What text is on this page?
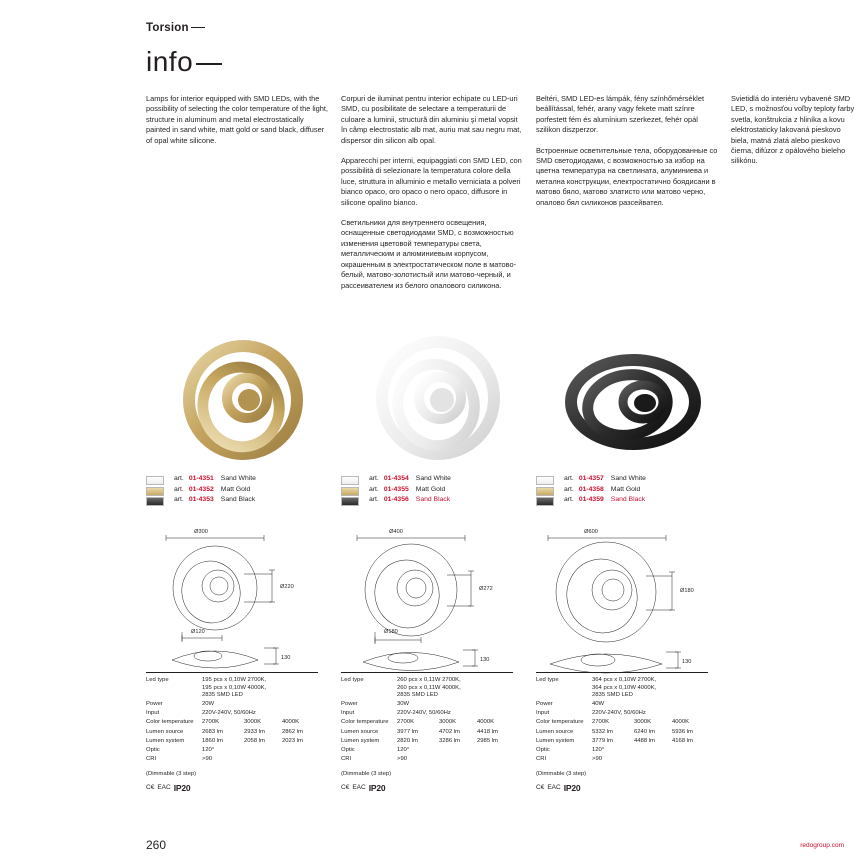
Torsion
info

Lamps for interior equipped with SMD LEDs, with the possibility of selecting the color temperature of the light, structure in aluminum and metal electrostatically painted in sand white, matt gold or sand black, diffuser of opal white silicone.

Corpuri de iluminat pentru interior echipate cu LED-uri SMD, cu posibilitate de selectare a temperaturii de culoare a luminii, structură din aluminiu şi metal vopsit în câmp electrostatic alb mat, auriu mat sau negru mat, dispersor din silicon alb opal.

Apparecchi per interni, equipaggiati con SMD LED, con possibilità di selezionare la temperatura colore della luce, struttura in alluminio e metallo verniciata a polveri bianco opaco, oro opaco o nero opaco, diffusore in silicone opalino bianco.

Светильники для внутреннего освещения, оснащенные светодиодами SMD, с возможностью изменения цветовой температуры света, металлическим и алюминиевым корпусом, окрашенным в электростатическом поле в матово-белый, матово-золотистый или матово-черный, и рассеивателем из белого опалового силикона.

Beltéri, SMD LED-es lámpák, fény színhőmérséklet beállítással, fehér, arany vagy fekete matt színre porfestett fém és alumínium szerkezet, fehér opál szilikon diszperzor.

Встроенные осветительные тела, оборудованные со SMD светодиодами, с возможностью за избор на цветна температура на светлината, алуминиева и метална конструкции, електростатично бoядисани в матово бяло, матово златисто или матово черно, опалово бял силиконов разсейвател.

Svietidlá do interiéru vybavené SMD LED, s možnosťou voľby teploty farby svetla, konštrukcia z hliníka a kovu elektrostaticky lakovaná pieskovo biela, matná zlatá alebo pieskovo čierna, difúzor z opálového bieleho silikónu.

art. 01-4351 Sand White
art. 01-4352 Matt Gold
art. 01-4353 Sand Black
art. 01-4354 Sand White
art. 01-4355 Matt Gold
art. 01-4356 Sand Black
art. 01-4357 Sand White
art. 01-4358 Matt Gold
art. 01-4359 Sand Black
Ø300
Ø220
Ø120
130
Ø400
Ø272
Ø180
130
Ø600
Ø180
130
Led type	195 pcs x 0,10W 2700K,
195 pcs x 0,10W 4000K,
2835 SMD LED		

Power	20W		
Input	220V-240V, 50/60Hz		
Color temperature	2700K	3000K	4000K
Lumen source	2683 lm	2933 lm	2862 lm
Lumen system	1860 lm	2058 lm	2023 lm
Optic	120°		
CRI	>90		
(Dimmable (3 step)
C€ EAC IP20
Led type	260 pcs x 0,11W 2700K,
260 pcs x 0,11W 4000K,
2835 SMD LED		

Power	30W		
Input	220V-240V, 50/60Hz		
Color temperature	2700K	3000K	4000K
Lumen source	3977 lm	4702 lm	4418 lm
Lumen system	2820 lm	3286 lm	2985 lm
Optic	120°		
CRI	>90		
(Dimmable (3 step)
C€ EAC IP20
Led type	364 pcs x 0,10W 2700K,
364 pcs x 0,10W 4000K,
2835 SMD LED		

Power	40W		
Input	220V-240V, 50/60Hz		
Color temperature	2700K	3000K	4000K
Lumen source	5332 lm	6240 lm	5936 lm
Lumen system	3779 lm	4488 lm	4168 lm
Optic	120°		
CRI	>90		
(Dimmable (3 step)
C€ EAC IP20
260	redogroup.com
